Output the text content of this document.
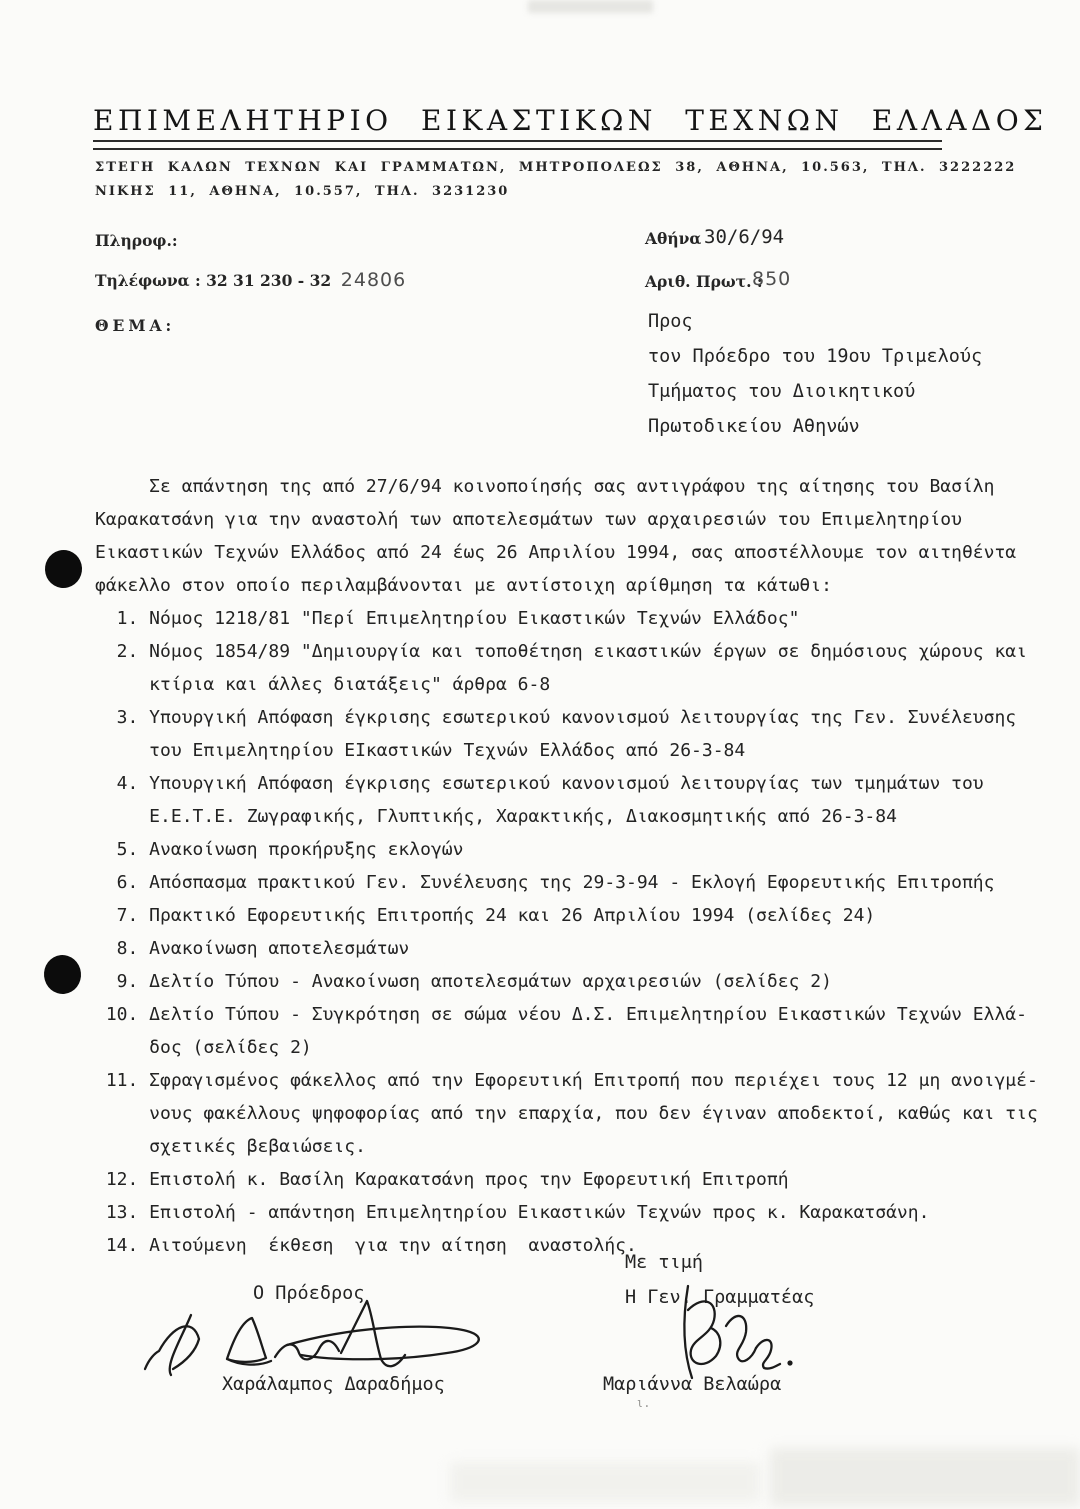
ΕΠΙΜΕΛΗΤΗΡΙΟ ΕΙΚΑΣΤΙΚΩΝ ΤΕΧΝΩΝ ΕΛΛΑΔΟΣ
ΣΤΕΓΗ ΚΑΛΩΝ ΤΕΧΝΩΝ ΚΑΙ ΓΡΑΜΜΑΤΩΝ, ΜΗΤΡΟΠΟΛΕΩΣ 38, ΑΘΗΝΑ, 10.563, ΤΗΛ. 3222222
ΝΙΚΗΣ 11, ΑΘΗΝΑ, 10.557, ΤΗΛ. 3231230
Πληροφ.:
Τηλέφωνα : 32 31 230 - 32 24806
ΘΕΜΑ:
Αθήνα 30/6/94
Αριθ. Πρωτ. :
850
Προς
τον Πρόεδρο του 19ου Τριμελούς
Τμήματος του Διοικητικού
Πρωτοδικείου Αθηνών
Σε απάντηση της από 27/6/94 κοινοποίησής σας αντιγράφου της αίτησης του Βασίλη
Καρακατσάνη για την αναστολή των αποτελεσμάτων των αρχαιρεσιών του Επιμελητηρίου
Εικαστικών Τεχνών Ελλάδος από 24 έως 26 Απριλίου 1994, σας αποστέλλουμε τον αιτηθέντα
φάκελλο στον οποίο περιλαμβάνονται με αντίστοιχη αρίθμηση τα κάτωθι:
1. Νόμος 1218/81 "Περί Επιμελητηρίου Εικαστικών Τεχνών Ελλάδος"
2. Νόμος 1854/89 "Δημιουργία και τοποθέτηση εικαστικών έργων σε δημόσιους χώρους και
κτίρια και άλλες διατάξεις" άρθρα 6-8
3. Υπουργική Απόφαση έγκρισης εσωτερικού κανονισμού λειτουργίας της Γεν. Συνέλευσης
του Επιμελητηρίου ΕΙκαστικών Τεχνών Ελλάδος από 26-3-84
4. Υπουργική Απόφαση έγκρισης εσωτερικού κανονισμού λειτουργίας των τμημάτων του
Ε.Ε.Τ.Ε. Ζωγραφικής, Γλυπτικής, Χαρακτικής, Διακοσμητικής από 26-3-84
5. Ανακοίνωση προκήρυξης εκλογών
6. Απόσπασμα πρακτικού Γεν. Συνέλευσης της 29-3-94 - Εκλογή Εφορευτικής Επιτροπής
7. Πρακτικό Εφορευτικής Επιτροπής 24 και 26 Απριλίου 1994 (σελίδες 24)
8. Ανακοίνωση αποτελεσμάτων
9. Δελτίο Τύπου - Ανακοίνωση αποτελεσμάτων αρχαιρεσιών (σελίδες 2)
10. Δελτίο Τύπου - Συγκρότηση σε σώμα νέου Δ.Σ. Επιμελητηρίου Εικαστικών Τεχνών Ελλά-
δος (σελίδες 2)
11. Σφραγισμένος φάκελλος από την Εφορευτική Επιτροπή που περιέχει τους 12 μη ανοιγμέ-
νους φακέλλους ψηφοφορίας από την επαρχία, που δεν έγιναν αποδεκτοί, καθώς και τις
σχετικές βεβαιώσεις.
12. Επιστολή κ. Βασίλη Καρακατσάνη προς την Εφορευτική Επιτροπή
13. Επιστολή - απάντηση Επιμελητηρίου Εικαστικών Τεχνών προς κ. Καρακατσάνη.
14. Αιτούμενη  έκθεση  για την αίτηση  αναστολής.
Με τιμή
Ο Πρόεδρος	Η Γεν. Γραμματέας
Χαράλαμπος Δαραδήμος	Μαριάννα Βελαώρα
ι.
